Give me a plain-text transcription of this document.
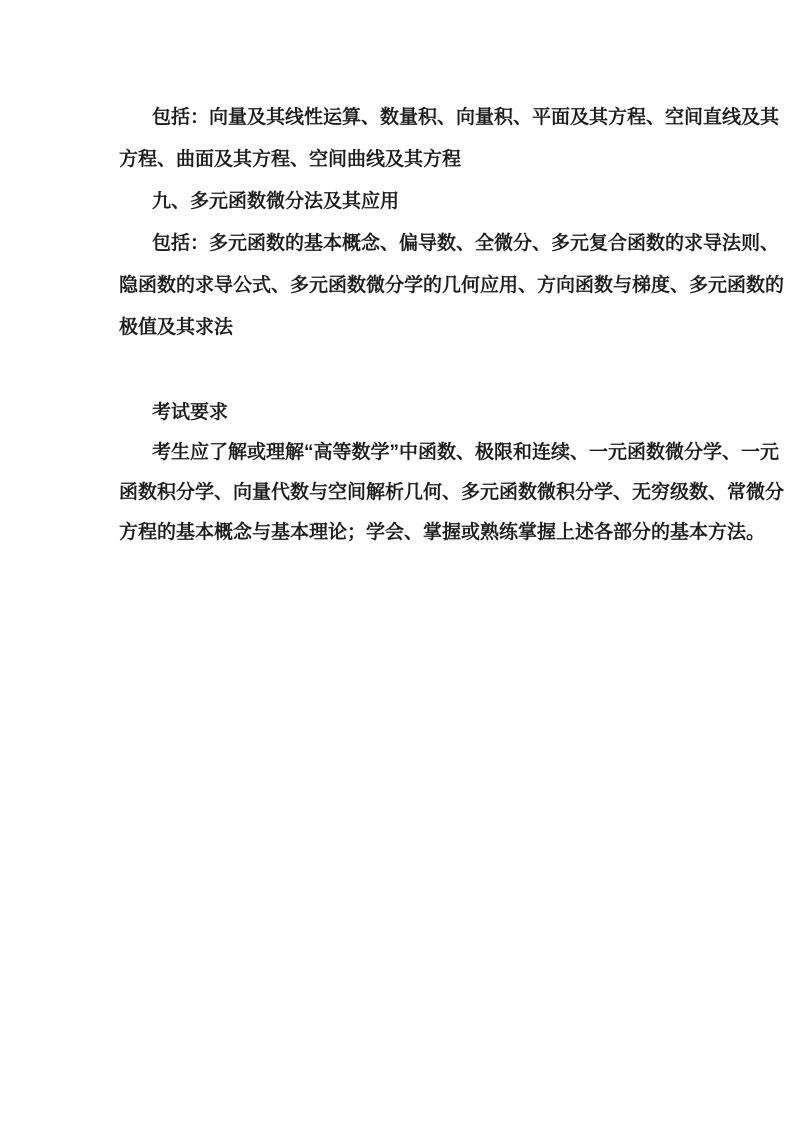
包括：向量及其线性运算、数量积、向量积、平面及其方程、空间直线及其
方程、曲面及其方程、空间曲线及其方程
九、多元函数微分法及其应用
包括：多元函数的基本概念、偏导数、全微分、多元复合函数的求导法则、
隐函数的求导公式、多元函数微分学的几何应用、方向函数与梯度、多元函数的
极值及其求法
考试要求
考生应了解或理解“高等数学”中函数、极限和连续、一元函数微分学、一元
函数积分学、向量代数与空间解析几何、多元函数微积分学、无穷级数、常微分
方程的基本概念与基本理论；学会、掌握或熟练掌握上述各部分的基本方法。
